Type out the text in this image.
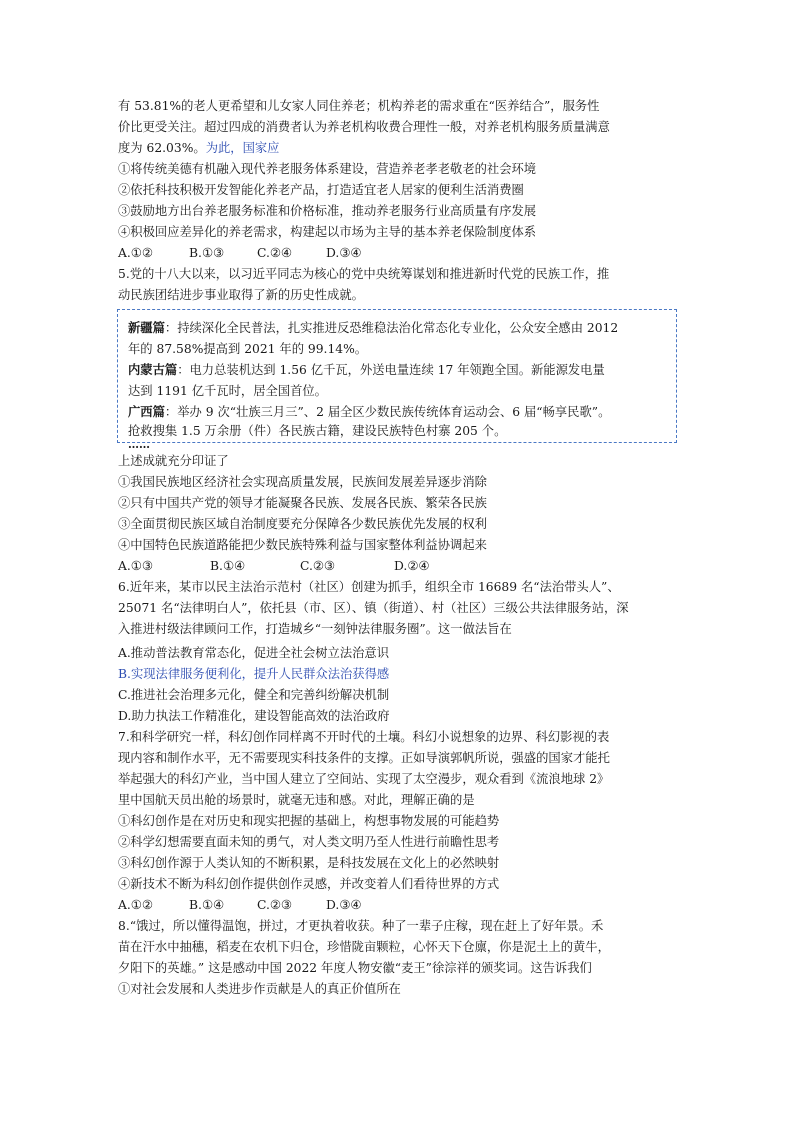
有 53.81%的老人更希望和儿女家人同住养老；机构养老的需求重在“医养结合”，服务性
价比更受关注。超过四成的消费者认为养老机构收费合理性一般，对养老机构服务质量满意
度为 62.03%。为此，国家应
①将传统美德有机融入现代养老服务体系建设，营造养老孝老敬老的社会环境
②依托科技积极开发智能化养老产品，打造适宜老人居家的便利生活消费圈
③鼓励地方出台养老服务标准和价格标准，推动养老服务行业高质量有序发展
④积极回应差异化的养老需求，构建起以市场为主导的基本养老保险制度体系
A.①②	B.①③	C.②④	D.③④
5.党的十八大以来，以习近平同志为核心的党中央统筹谋划和推进新时代党的民族工作，推
动民族团结进步事业取得了新的历史性成就。
新疆篇：持续深化全民普法，扎实推进反恐维稳法治化常态化专业化，公众安全感由 2012
年的 87.58%提高到 2021 年的 99.14%。
内蒙古篇：电力总装机达到 1.56 亿千瓦，外送电量连续 17 年领跑全国。新能源发电量
达到 1191 亿千瓦时，居全国首位。
广西篇：举办 9 次“壮族三月三”、2 届全区少数民族传统体育运动会、6 届“畅享民歌”。
抢救搜集 1.5 万余册（件）各民族古籍，建设民族特色村寨 205 个。
……
上述成就充分印证了
①我国民族地区经济社会实现高质量发展，民族间发展差异逐步消除
②只有中国共产党的领导才能凝聚各民族、发展各民族、繁荣各民族
③全面贯彻民族区域自治制度要充分保障各少数民族优先发展的权利
④中国特色民族道路能把少数民族特殊利益与国家整体利益协调起来
A.①③	B.①④	C.②③	D.②④
6.近年来，某市以民主法治示范村（社区）创建为抓手，组织全市 16689 名“法治带头人”、
25071 名“法律明白人”，依托县（市、区）、镇（街道）、村（社区）三级公共法律服务站，深
入推进村级法律顾问工作，打造城乡“一刻钟法律服务圈”。这一做法旨在
A.推动普法教育常态化，促进全社会树立法治意识
B.实现法律服务便利化，提升人民群众法治获得感
C.推进社会治理多元化，健全和完善纠纷解决机制
D.助力执法工作精准化，建设智能高效的法治政府
7.和科学研究一样，科幻创作同样离不开时代的土壤。科幻小说想象的边界、科幻影视的表
现内容和制作水平，无不需要现实科技条件的支撑。正如导演郭帆所说，强盛的国家才能托
举起强大的科幻产业，当中国人建立了空间站、实现了太空漫步，观众看到《流浪地球 2》
里中国航天员出舱的场景时，就毫无违和感。对此，理解正确的是
①科幻创作是在对历史和现实把握的基础上，构想事物发展的可能趋势
②科学幻想需要直面未知的勇气，对人类文明乃至人性进行前瞻性思考
③科幻创作源于人类认知的不断积累，是科技发展在文化上的必然映射
④新技术不断为科幻创作提供创作灵感，并改变着人们看待世界的方式
A.①②	B.①④	C.②③	D.③④
8.“饿过，所以懂得温饱，拼过，才更执着收获。种了一辈子庄稼，现在赶上了好年景。禾
苗在汗水中抽穗，稻麦在农机下归仓，珍惜陇亩颗粒，心怀天下仓廪，你是泥土上的黄牛，
夕阳下的英雄。” 这是感动中国 2022 年度人物安徽“麦王”徐淙祥的颁奖词。这告诉我们
①对社会发展和人类进步作贡献是人的真正价值所在
